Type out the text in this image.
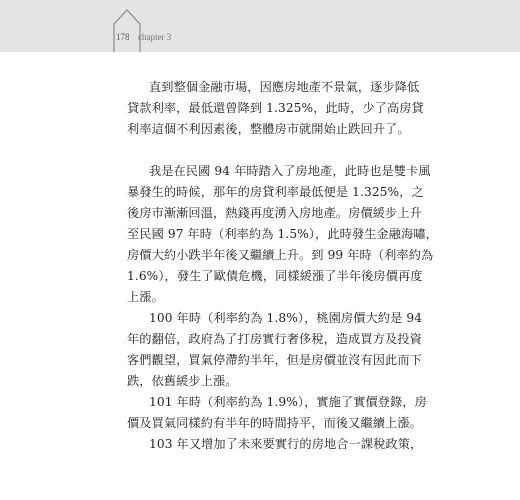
178 chapter 3
直到整個金融市場，因應房地產不景氣，逐步降低
貸款利率，最低還曾降到 1.325%，此時，少了高房貸
利率這個不利因素後，整體房市就開始止跌回升了。
我是在民國 94 年時踏入了房地產，此時也是雙卡風
暴發生的時候，那年的房貸利率最低便是 1.325%，之
後房市漸漸回溫，熱錢再度湧入房地產。房價緩步上升
至民國 97 年時（利率約為 1.5%），此時發生金融海嘯，
房價大約小跌半年後又繼續上升。到 99 年時（利率約為
1.6%），發生了歐債危機，同樣緩漲了半年後房價再度
上漲。
100 年時（利率約為 1.8%），桃園房價大約是 94
年的翻倍，政府為了打房實行奢侈稅，造成買方及投資
客們觀望，買氣停滯約半年，但是房價並沒有因此而下
跌，依舊緩步上漲。
101 年時（利率約為 1.9%），實施了實價登錄，房
價及買氣同樣約有半年的時間持平，而後又繼續上漲。
103 年又增加了未來要實行的房地合一課稅政策，
